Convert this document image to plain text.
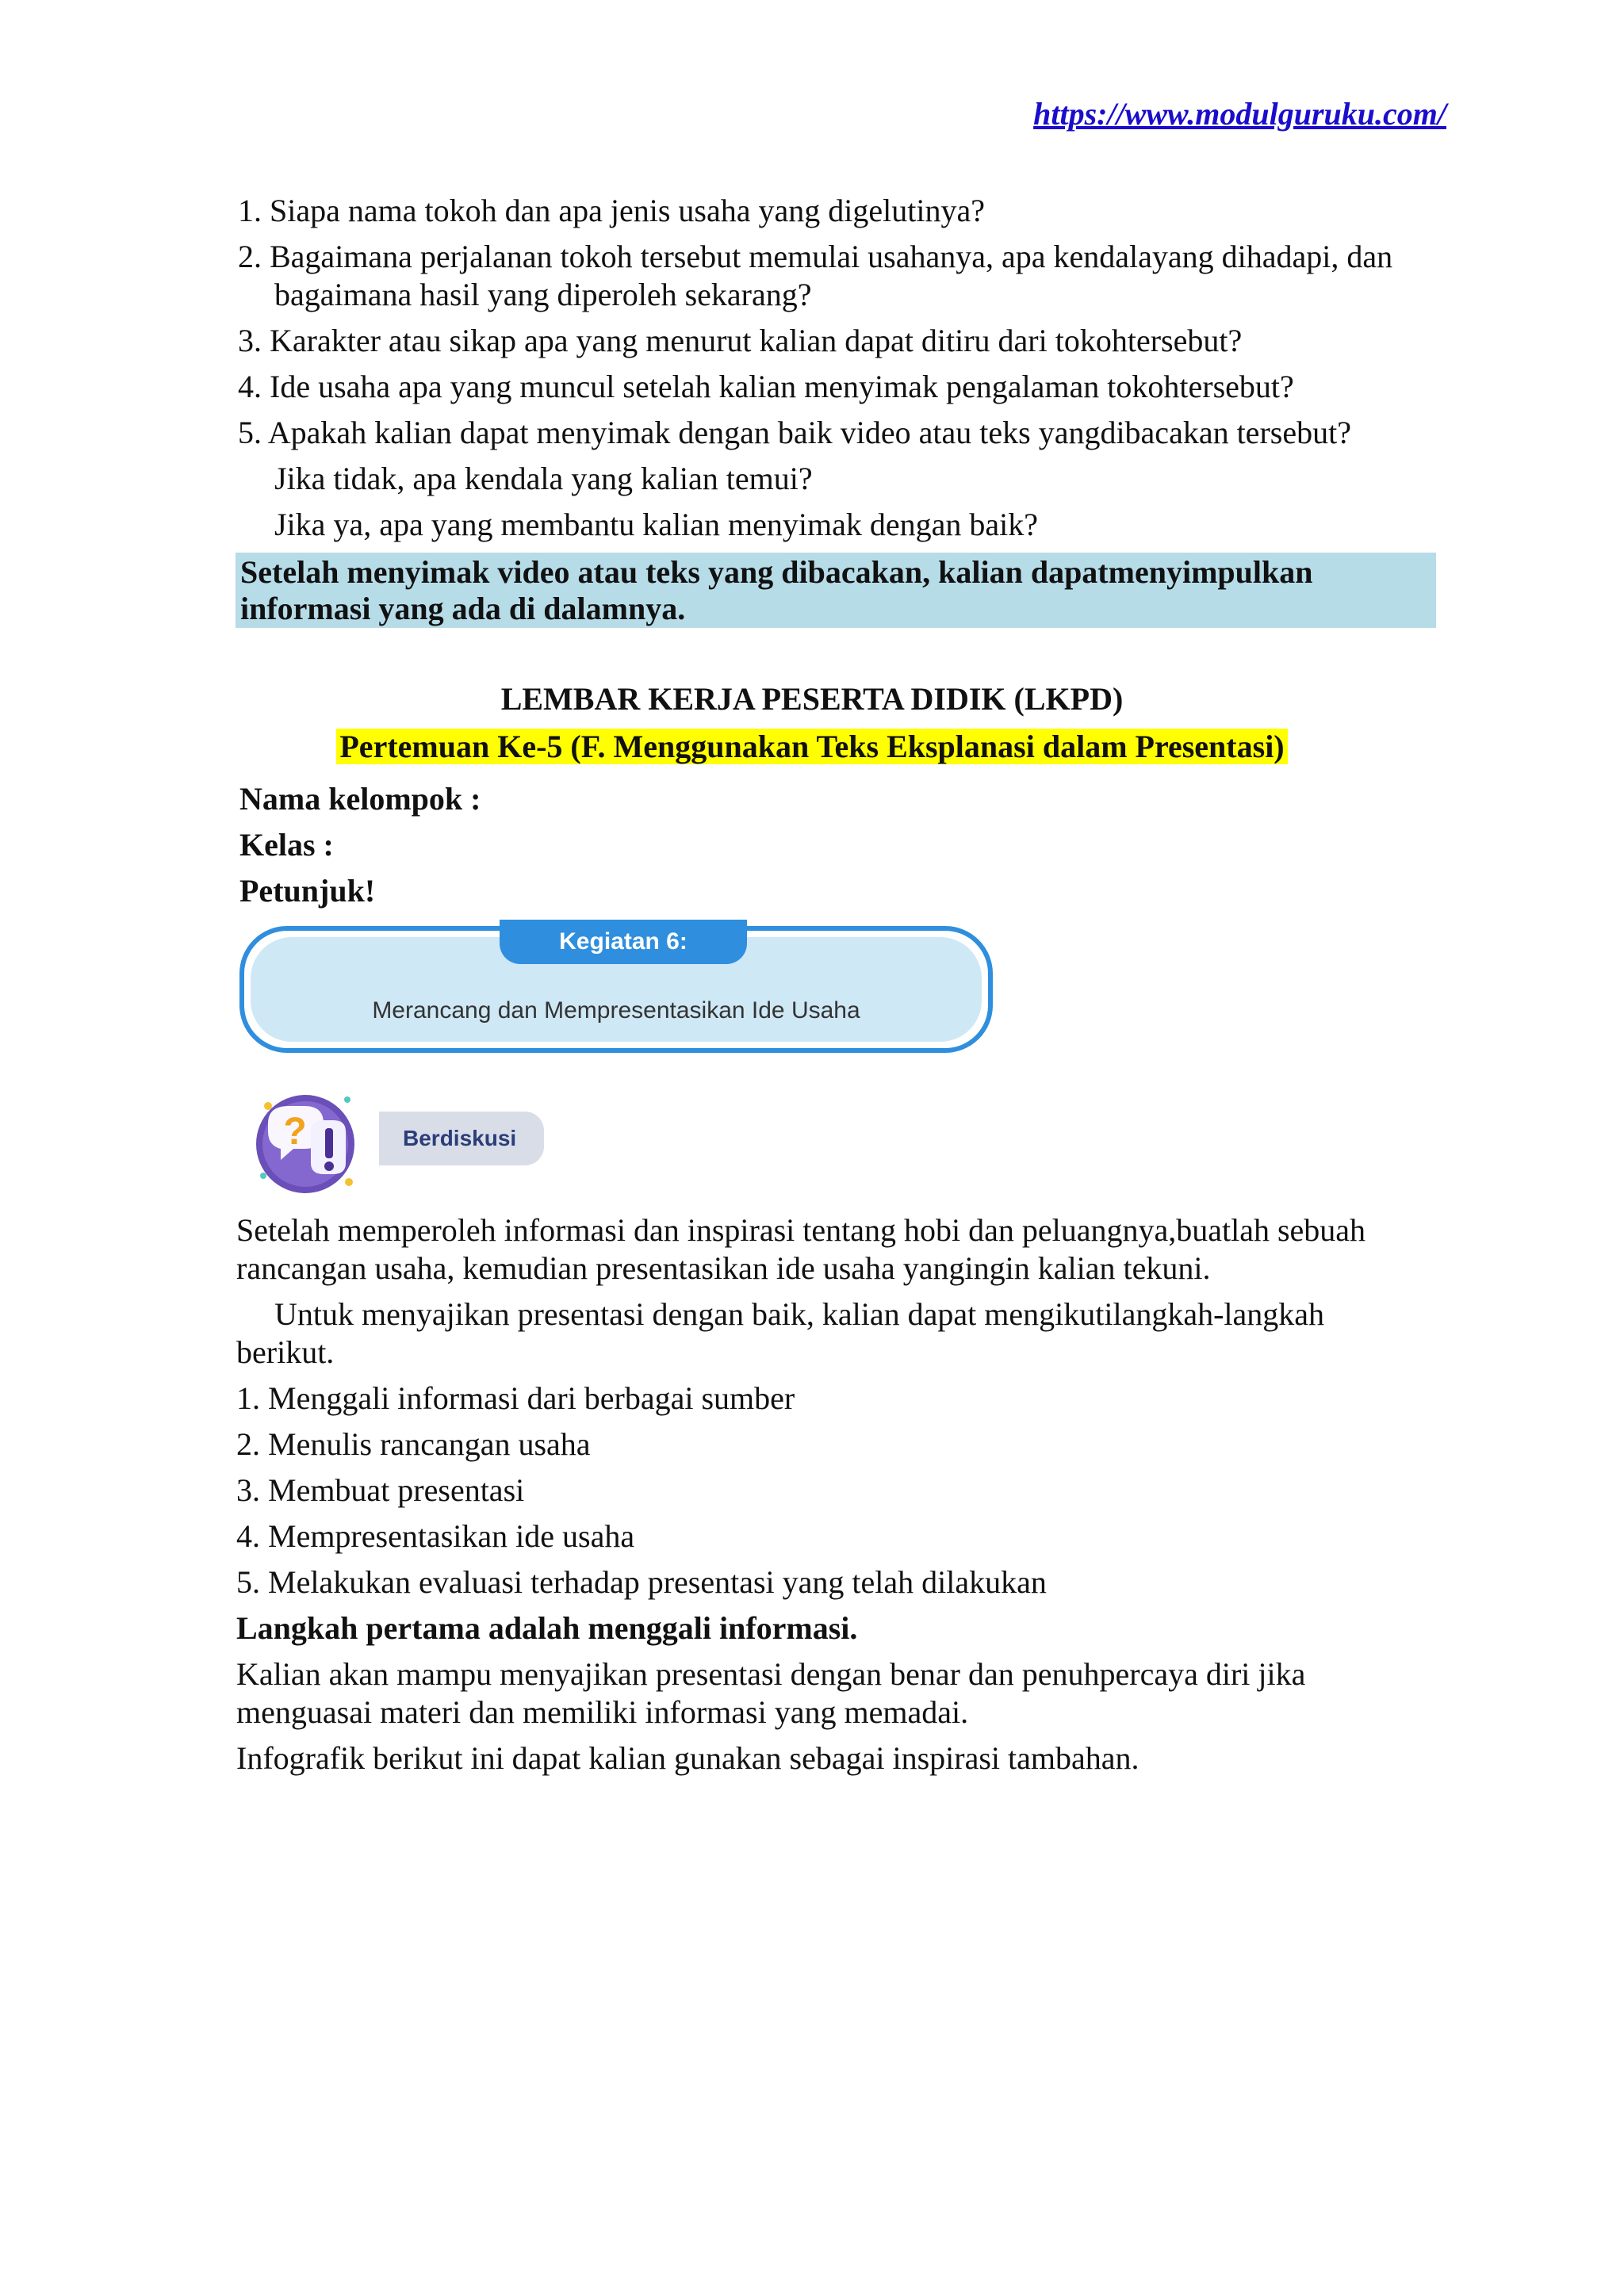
https://www.modulguruku.com/
1. Siapa nama tokoh dan apa jenis usaha yang digelutinya?
2. Bagaimana perjalanan tokoh tersebut memulai usahanya, apa kendalayang dihadapi, dan
bagaimana hasil yang diperoleh sekarang?
3. Karakter atau sikap apa yang menurut kalian dapat ditiru dari tokohtersebut?
4. Ide usaha apa yang muncul setelah kalian menyimak pengalaman tokohtersebut?
5. Apakah kalian dapat menyimak dengan baik video atau teks yangdibacakan tersebut?
Jika tidak, apa kendala yang kalian temui?
Jika ya, apa yang membantu kalian menyimak dengan baik?
Setelah menyimak video atau teks yang dibacakan, kalian dapatmenyimpulkan
informasi yang ada di dalamnya.
LEMBAR KERJA PESERTA DIDIK (LKPD)
Pertemuan Ke-5 (F. Menggunakan Teks Eksplanasi dalam Presentasi)
Nama kelompok :
Kelas :
Petunjuk!
Kegiatan 6:
Merancang dan Mempresentasikan Ide Usaha
?	Berdiskusi
Setelah memperoleh informasi dan inspirasi tentang hobi dan peluangnya,buatlah sebuah
rancangan usaha, kemudian presentasikan ide usaha yangingin kalian tekuni.
Untuk menyajikan presentasi dengan baik, kalian dapat mengikutilangkah-langkah
berikut.
1. Menggali informasi dari berbagai sumber
2. Menulis rancangan usaha
3. Membuat presentasi
4. Mempresentasikan ide usaha
5. Melakukan evaluasi terhadap presentasi yang telah dilakukan
Langkah pertama adalah menggali informasi.
Kalian akan mampu menyajikan presentasi dengan benar dan penuhpercaya diri jika
menguasai materi dan memiliki informasi yang memadai.
Infografik berikut ini dapat kalian gunakan sebagai inspirasi tambahan.
